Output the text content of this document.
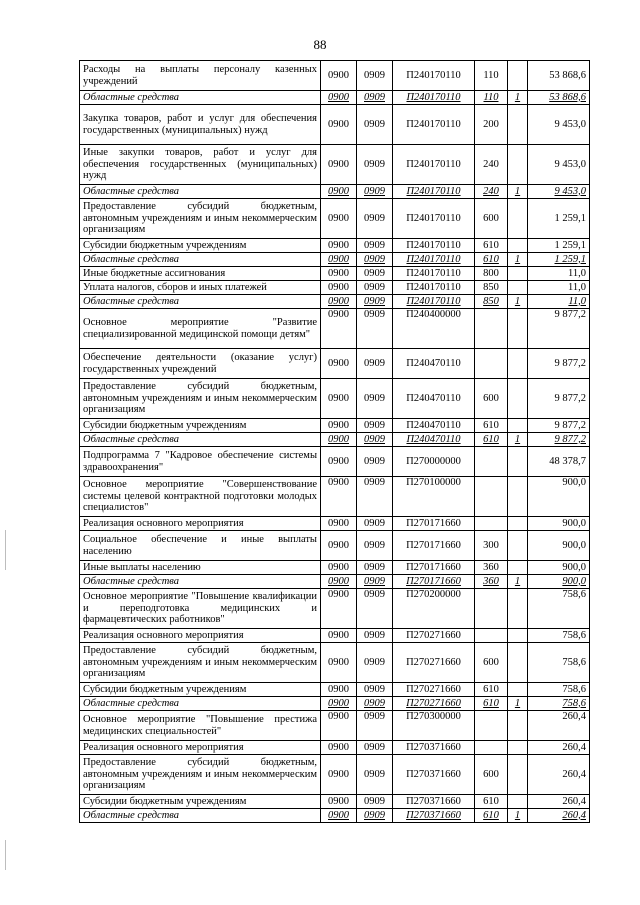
88
Расходы на выплаты персоналу казенных учреждений	0900	0909	П240170110	110		53 868,6
Областные средства	0900	0909	П240170110	110	1	53 868,6
Закупка товаров, работ и услуг для обеспечения государственных (муниципальных) нужд	0900	0909	П240170110	200		9 453,0
Иные закупки товаров, работ и услуг для обеспечения государственных (муниципальных) нужд	0900	0909	П240170110	240		9 453,0
Областные средства	0900	0909	П240170110	240	1	9 453,0
Предоставление субсидий бюджетным, автономным учреждениям и иным некоммерческим организациям	0900	0909	П240170110	600		1 259,1
Субсидии бюджетным учреждениям	0900	0909	П240170110	610		1 259,1
Областные средства	0900	0909	П240170110	610	1	1 259,1
Иные бюджетные ассигнования	0900	0909	П240170110	800		11,0
Уплата налогов, сборов и иных платежей	0900	0909	П240170110	850		11,0
Областные средства	0900	0909	П240170110	850	1	11,0
Основное мероприятие "Развитие специализированной медицинской помощи детям"	0900	0909	П240400000			9 877,2
Обеспечение деятельности (оказание услуг) государственных учреждений	0900	0909	П240470110			9 877,2
Предоставление субсидий бюджетным, автономным учреждениям и иным некоммерческим организациям	0900	0909	П240470110	600		9 877,2
Субсидии бюджетным учреждениям	0900	0909	П240470110	610		9 877,2
Областные средства	0900	0909	П240470110	610	1	9 877,2
Подпрограмма 7 "Кадровое обеспечение системы здравоохранения"	0900	0909	П270000000			48 378,7
Основное мероприятие "Совершенствование системы целевой контрактной подготовки молодых специалистов"	0900	0909	П270100000			900,0
Реализация основного мероприятия	0900	0909	П270171660			900,0
Социальное обеспечение и иные выплаты населению	0900	0909	П270171660	300		900,0
Иные выплаты населению	0900	0909	П270171660	360		900,0
Областные средства	0900	0909	П270171660	360	1	900,0
Основное мероприятие "Повышение квалификации и переподготовка медицинских и фармацевтических работников"	0900	0909	П270200000			758,6
Реализация основного мероприятия	0900	0909	П270271660			758,6
Предоставление субсидий бюджетным, автономным учреждениям и иным некоммерческим организациям	0900	0909	П270271660	600		758,6
Субсидии бюджетным учреждениям	0900	0909	П270271660	610		758,6
Областные средства	0900	0909	П270271660	610	1	758,6
Основное мероприятие "Повышение престижа медицинских специальностей"	0900	0909	П270300000			260,4
Реализация основного мероприятия	0900	0909	П270371660			260,4
Предоставление субсидий бюджетным, автономным учреждениям и иным некоммерческим организациям	0900	0909	П270371660	600		260,4
Субсидии бюджетным учреждениям	0900	0909	П270371660	610		260,4
Областные средства	0900	0909	П270371660	610	1	260,4
